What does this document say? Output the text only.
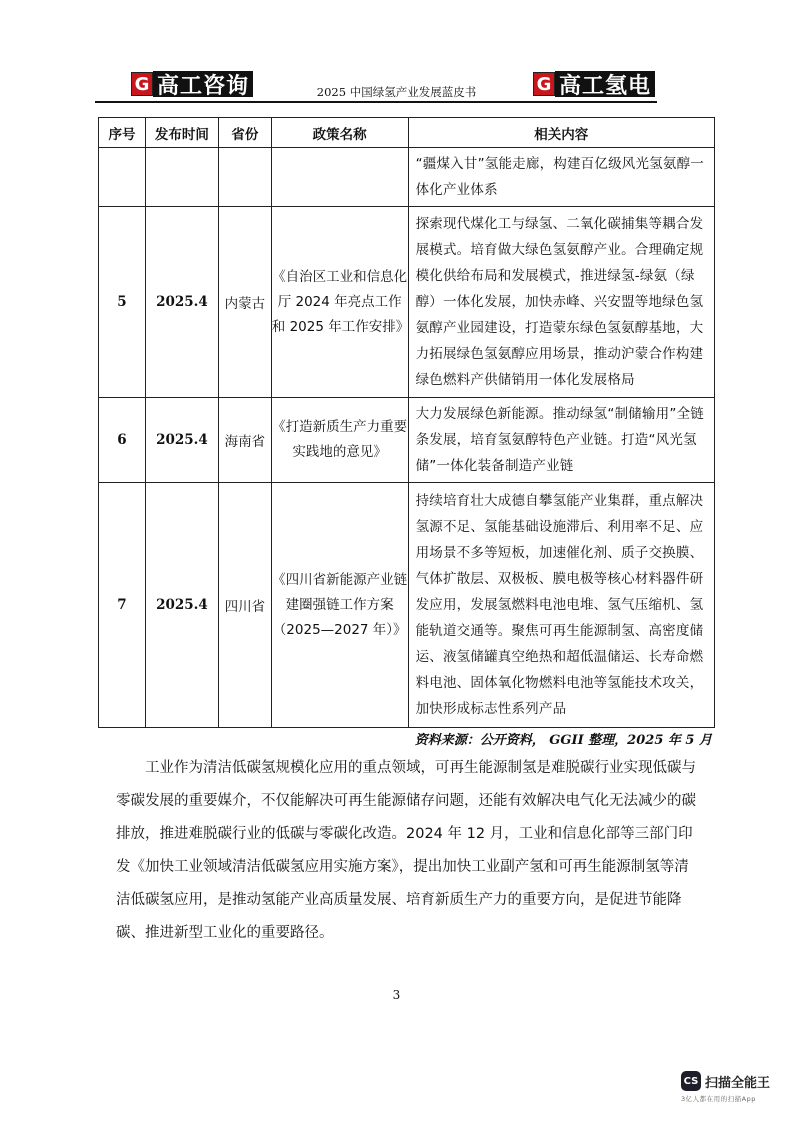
G 高工咨询	2025 中国绿氢产业发展蓝皮书	G 高工氢电
序号	发布时间	省份	政策名称	相关内容
				“疆煤入甘”氢能走廊，构建百亿级风光氢氨醇一体化产业体系
5	2025.4	内蒙古	《自治区工业和信息化厅 2024 年亮点工作和 2025 年工作安排》	探索现代煤化工与绿氢、二氧化碳捕集等耦合发展模式。培育做大绿色氢氨醇产业。合理确定规模化供给布局和发展模式，推进绿氢-绿氨（绿醇）一体化发展，加快赤峰、兴安盟等地绿色氢氨醇产业园建设，打造蒙东绿色氢氨醇基地，大力拓展绿色氢氨醇应用场景，推动沪蒙合作构建绿色燃料产供储销用一体化发展格局
6	2025.4	海南省	《打造新质生产力重要实践地的意见》	大力发展绿色新能源。推动绿氢“制储输用”全链条发展，培育氢氨醇特色产业链。打造“风光氢储”一体化装备制造产业链
7	2025.4	四川省	《四川省新能源产业链建圈强链工作方案（2025—2027 年）》	持续培育壮大成德自攀氢能产业集群，重点解决氢源不足、氢能基础设施滞后、利用率不足、应用场景不多等短板，加速催化剂、质子交换膜、气体扩散层、双极板、膜电极等核心材料器件研发应用，发展氢燃料电池电堆、氢气压缩机、氢能轨道交通等。聚焦可再生能源制氢、高密度储运、液氢储罐真空绝热和超低温储运、长寿命燃料电池、固体氧化物燃料电池等氢能技术攻关，加快形成标志性系列产品
资料来源：公开资料， GGII 整理，2025 年 5 月

工业作为清洁低碳氢规模化应用的重点领域，可再生能源制氢是难脱碳行业实现低碳与零碳发展的重要媒介，不仅能解决可再生能源储存问题，还能有效解决电气化无法减少的碳排放，推进难脱碳行业的低碳与零碳化改造。2024 年 12 月，工业和信息化部等三部门印发《加快工业领域清洁低碳氢应用实施方案》，提出加快工业副产氢和可再生能源制氢等清洁低碳氢应用，是推动氢能产业高质量发展、培育新质生产力的重要方向，是促进节能降碳、推进新型工业化的重要路径。

3
CS 扫描全能王
3亿人都在用的扫描App
